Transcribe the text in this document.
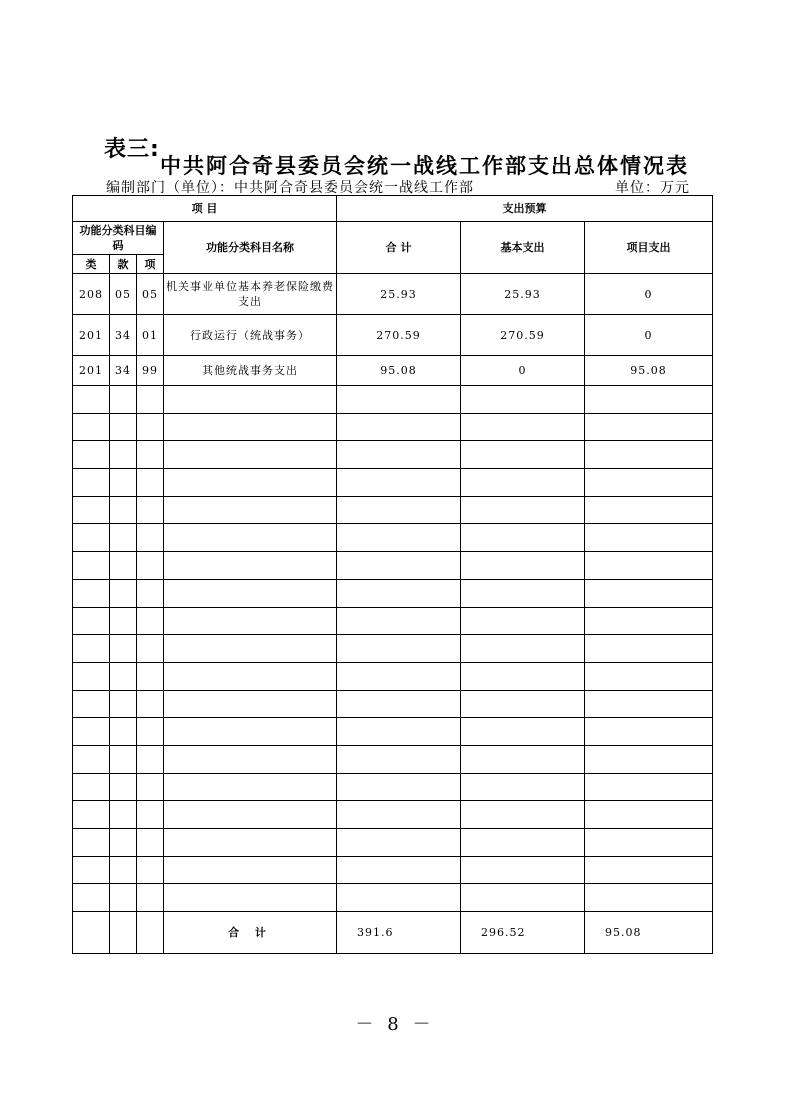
表三:
中共阿合奇县委员会统一战线工作部支出总体情况表
编制部门（单位）：中共阿合奇县委员会统一战线工作部	单位：万元
项 目				支出预算		
功能分类科目编码			功能分类科目名称	合 计	基本支出	项目支出
类	款	项				
208	05	05	机关事业单位基本养老保险缴费支出	25.93	25.93	0
201	34	01	行政运行（统战事务）	270.59	270.59	0
201	34	99	其他统战事务支出	95.08	0	95.08

			合 计	391.6	296.52	95.08
－ 8 －
